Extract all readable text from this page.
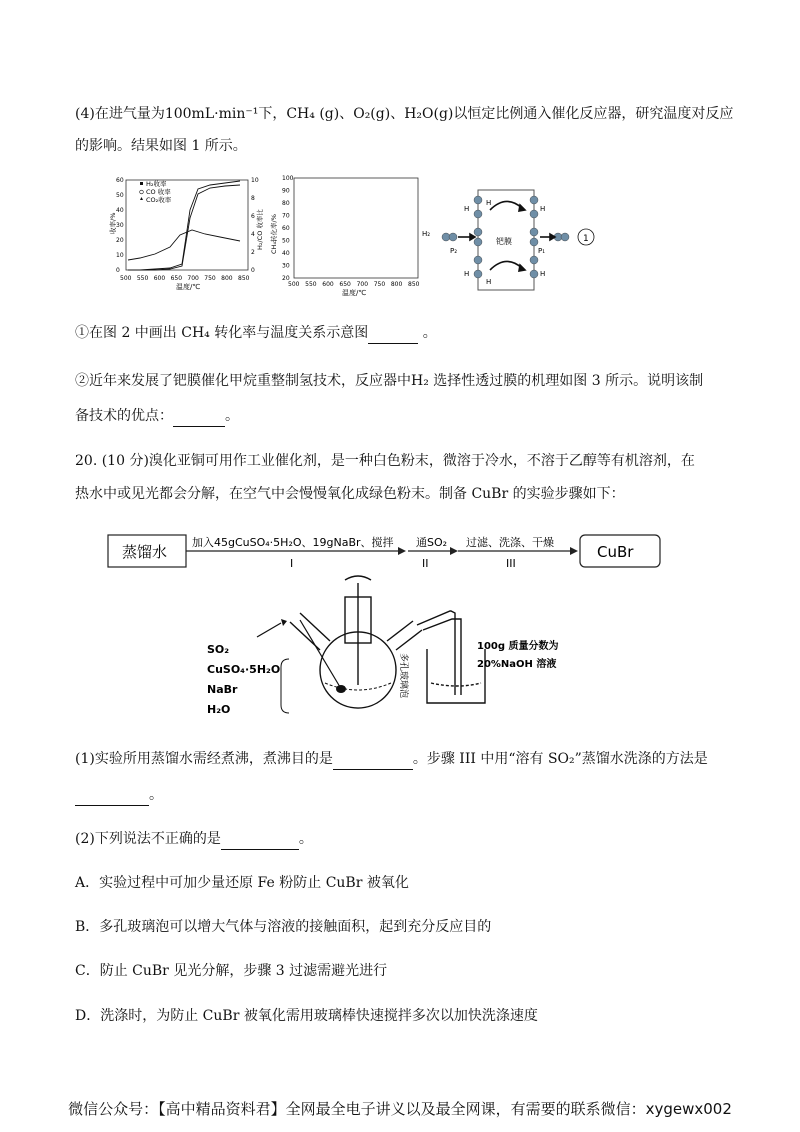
(4)在进气量为100mL·min⁻¹下，CH₄ (g)、O₂(g)、H₂O(g)以恒定比例通入催化反应器，研究温度对反应
的影响。结果如图 1 所示。
0
10
20
30
40
50
60
0
2
4
6
8
10
500 550 600 650 700 750 800 850
H₂收率
CO 收率
CO₂收率
收率/%	H₂/CO 收率比
温度/℃
20
30
40
50
60
70
80
90
100
500 550 600 650 700 750 800 850
CH₄转化率/%
温度/℃
钯膜
H
H
H
H
H
H
H₂
P₂	P₁
1
①在图 2 中画出 CH₄ 转化率与温度关系示意图	。
②近年来发展了钯膜催化甲烷重整制氢技术，反应器中H₂ 选择性透过膜的机理如图 3 所示。说明该制
备技术的优点：	。
20. (10 分)溴化亚铜可用作工业催化剂，是一种白色粉末，微溶于冷水，不溶于乙醇等有机溶剂，在
热水中或见光都会分解，在空气中会慢慢氧化成绿色粉末。制备 CuBr 的实验步骤如下：
蒸馏水
加入45gCuSO₄·5H₂O、19gNaBr、搅拌
I
通SO₂
II
过滤、洗涤、干燥
III
CuBr
SO₂
CuSO₄·5H₂O
NaBr
H₂O
多孔玻璃泡
100g 质量分数为
20%NaOH 溶液
(1)实验所用蒸馏水需经煮沸，煮沸目的是	。步骤 III 中用“溶有 SO₂”蒸馏水洗涤的方法是
。
(2)下列说法不正确的是	。
A．实验过程中可加少量还原 Fe 粉防止 CuBr 被氧化
B．多孔玻璃泡可以增大气体与溶液的接触面积，起到充分反应目的
C．防止 CuBr 见光分解，步骤 3 过滤需避光进行
D．洗涤时，为防止 CuBr 被氧化需用玻璃棒快速搅拌多次以加快洗涤速度
微信公众号：【高中精品资料君】全网最全电子讲义以及最全网课，有需要的联系微信：xygewx002
